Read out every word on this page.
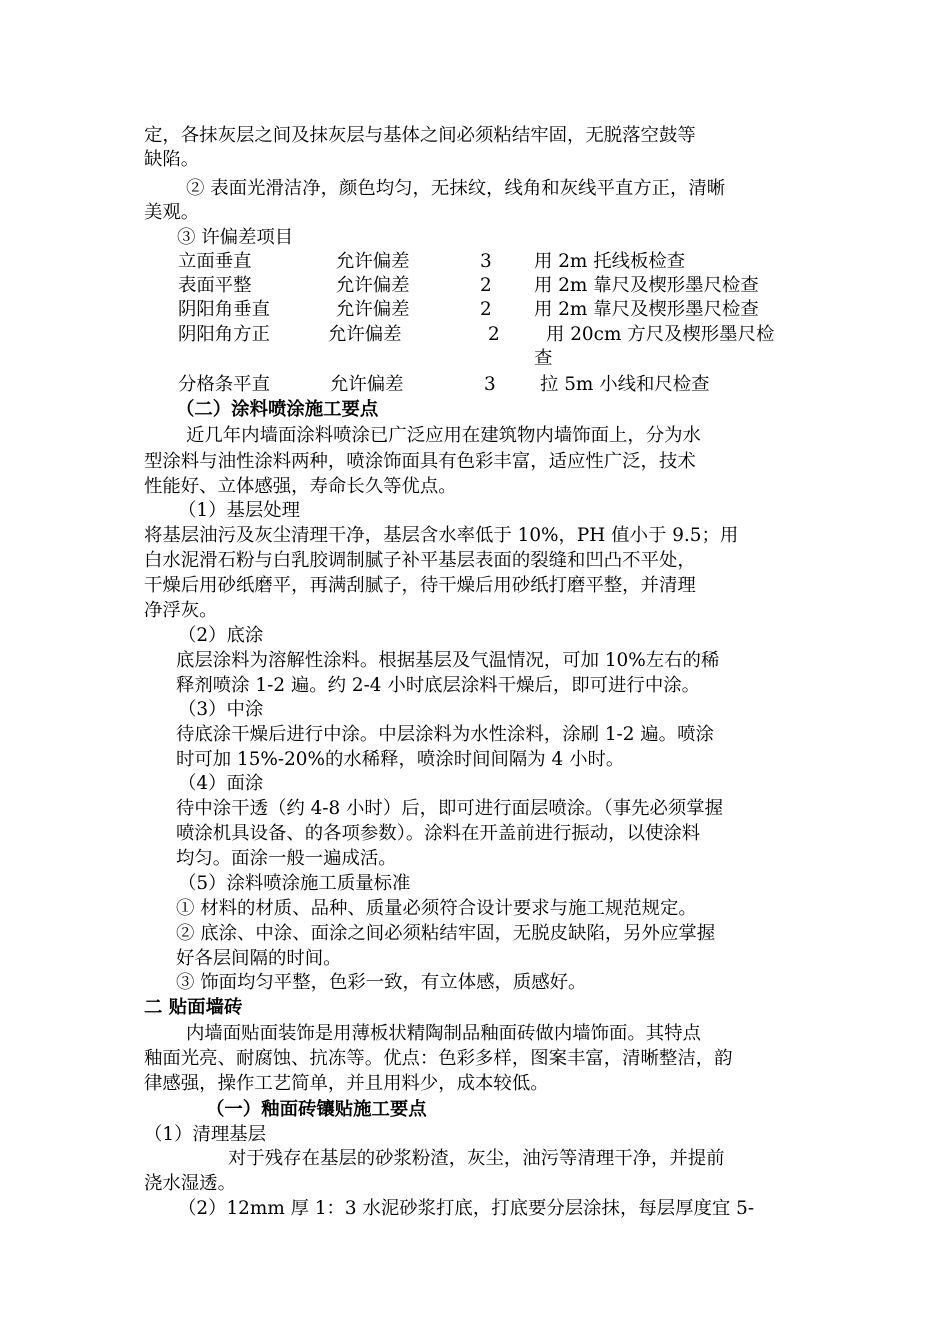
定，各抹灰层之间及抹灰层与基体之间必须粘结牢固，无脱落空鼓等
缺陷。
② 表面光滑洁净，颜色均匀，无抹纹，线角和灰线平直方正，清晰
美观。
③ 许偏差项目
立面垂直	允许偏差	3 用 2m 托线板检查
表面平整	允许偏差	2 用 2m 靠尺及楔形墨尺检查
阴阳角垂直	允许偏差	2 用 2m 靠尺及楔形墨尺检查
阴阳角方正	允许偏差	2	用 20cm 方尺及楔形墨尺检
查
分格条平直	允许偏差	3 拉 5m 小线和尺检查
（二）涂料喷涂施工要点
近几年内墙面涂料喷涂已广泛应用在建筑物内墙饰面上，分为水
型涂料与油性涂料两种，喷涂饰面具有色彩丰富，适应性广泛，技术
性能好、立体感强，寿命长久等优点。
（1）基层处理
将基层油污及灰尘清理干净，基层含水率低于 10%，PH 值小于 9.5；用
白水泥滑石粉与白乳胶调制腻子补平基层表面的裂缝和凹凸不平处，
干燥后用砂纸磨平，再满刮腻子，待干燥后用砂纸打磨平整，并清理
净浮灰。
（2）底涂
底层涂料为溶解性涂料。根据基层及气温情况，可加 10%左右的稀
释剂喷涂 1-2 遍。约 2-4 小时底层涂料干燥后，即可进行中涂。
（3）中涂
待底涂干燥后进行中涂。中层涂料为水性涂料，涂刷 1-2 遍。喷涂
时可加 15%-20%的水稀释，喷涂时间间隔为 4 小时。
（4）面涂
待中涂干透（约 4-8 小时）后，即可进行面层喷涂。（事先必须掌握
喷涂机具设备、的各项参数）。涂料在开盖前进行振动，以使涂料
均匀。面涂一般一遍成活。
（5）涂料喷涂施工质量标准
① 材料的材质、品种、质量必须符合设计要求与施工规范规定。
② 底涂、中涂、面涂之间必须粘结牢固，无脱皮缺陷，另外应掌握
好各层间隔的时间。
③ 饰面均匀平整，色彩一致，有立体感，质感好。
二 贴面墙砖
内墙面贴面装饰是用薄板状精陶制品釉面砖做内墙饰面。其特点
釉面光亮、耐腐蚀、抗冻等。优点：色彩多样，图案丰富，清晰整洁，韵
律感强，操作工艺简单，并且用料少，成本较低。
（一）釉面砖镶贴施工要点
（1）清理基层
对于残存在基层的砂浆粉渣，灰尘，油污等清理干净，并提前
浇水湿透。
（2）12mm 厚 1：3 水泥砂浆打底，打底要分层涂抹，每层厚度宜 5-
